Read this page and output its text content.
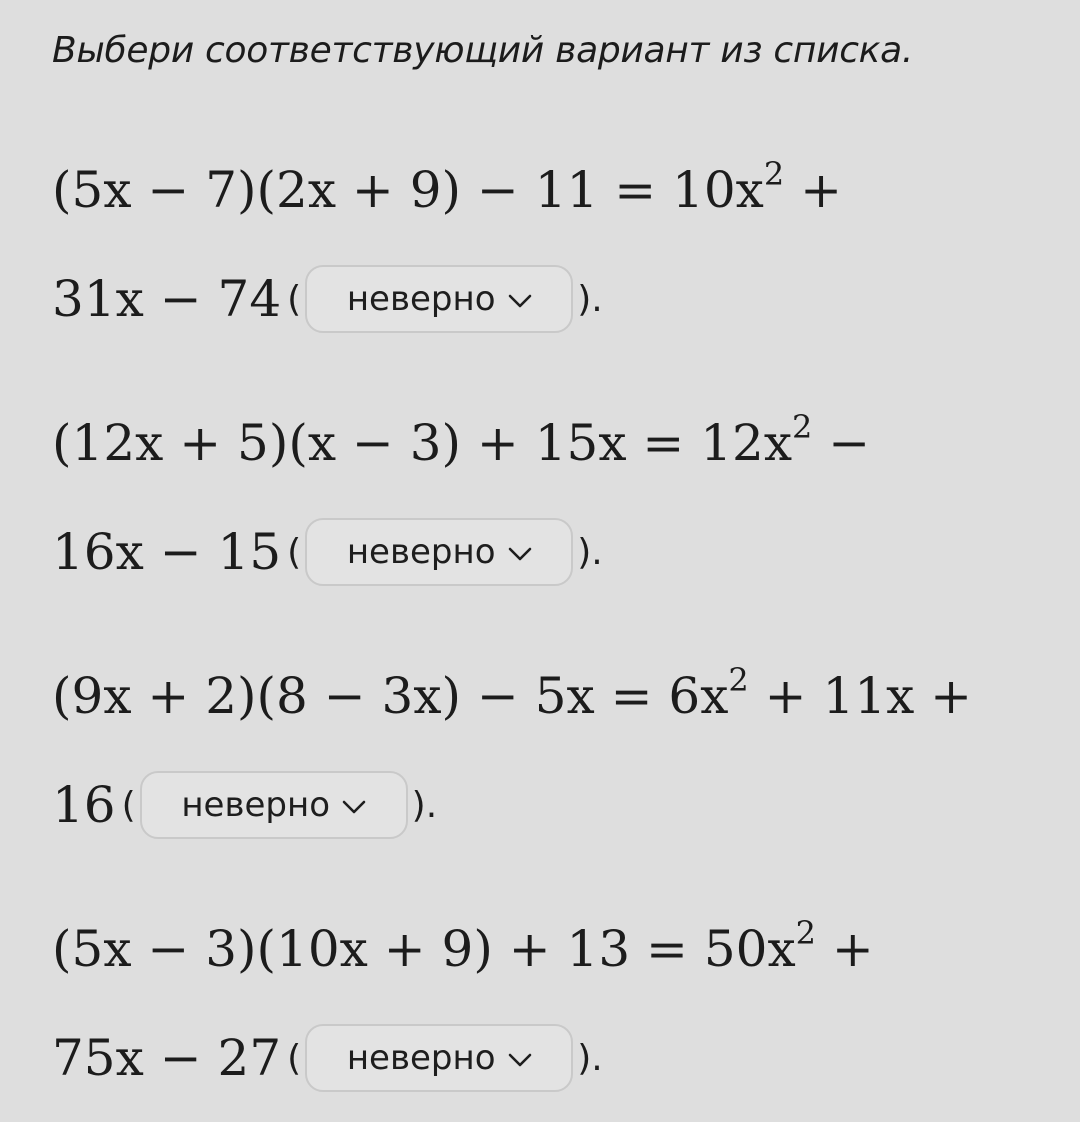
Выбери соответствующий вариант из списка.
$(5x - 7)(2x + 9) - 11 = 10x^2$ +
31x − 74 ( неверно ).
$(12x + 5)(x - 3) + 15x = 12x^2$ −
16x − 15 ( неверно ).
$(9x + 2)(8 - 3x) - 5x = 6x^2 + 11x$ +
16 ( неверно ).
$(5x - 3)(10x + 9) + 13 = 50x^2$ +
75x − 27 ( неверно ).
